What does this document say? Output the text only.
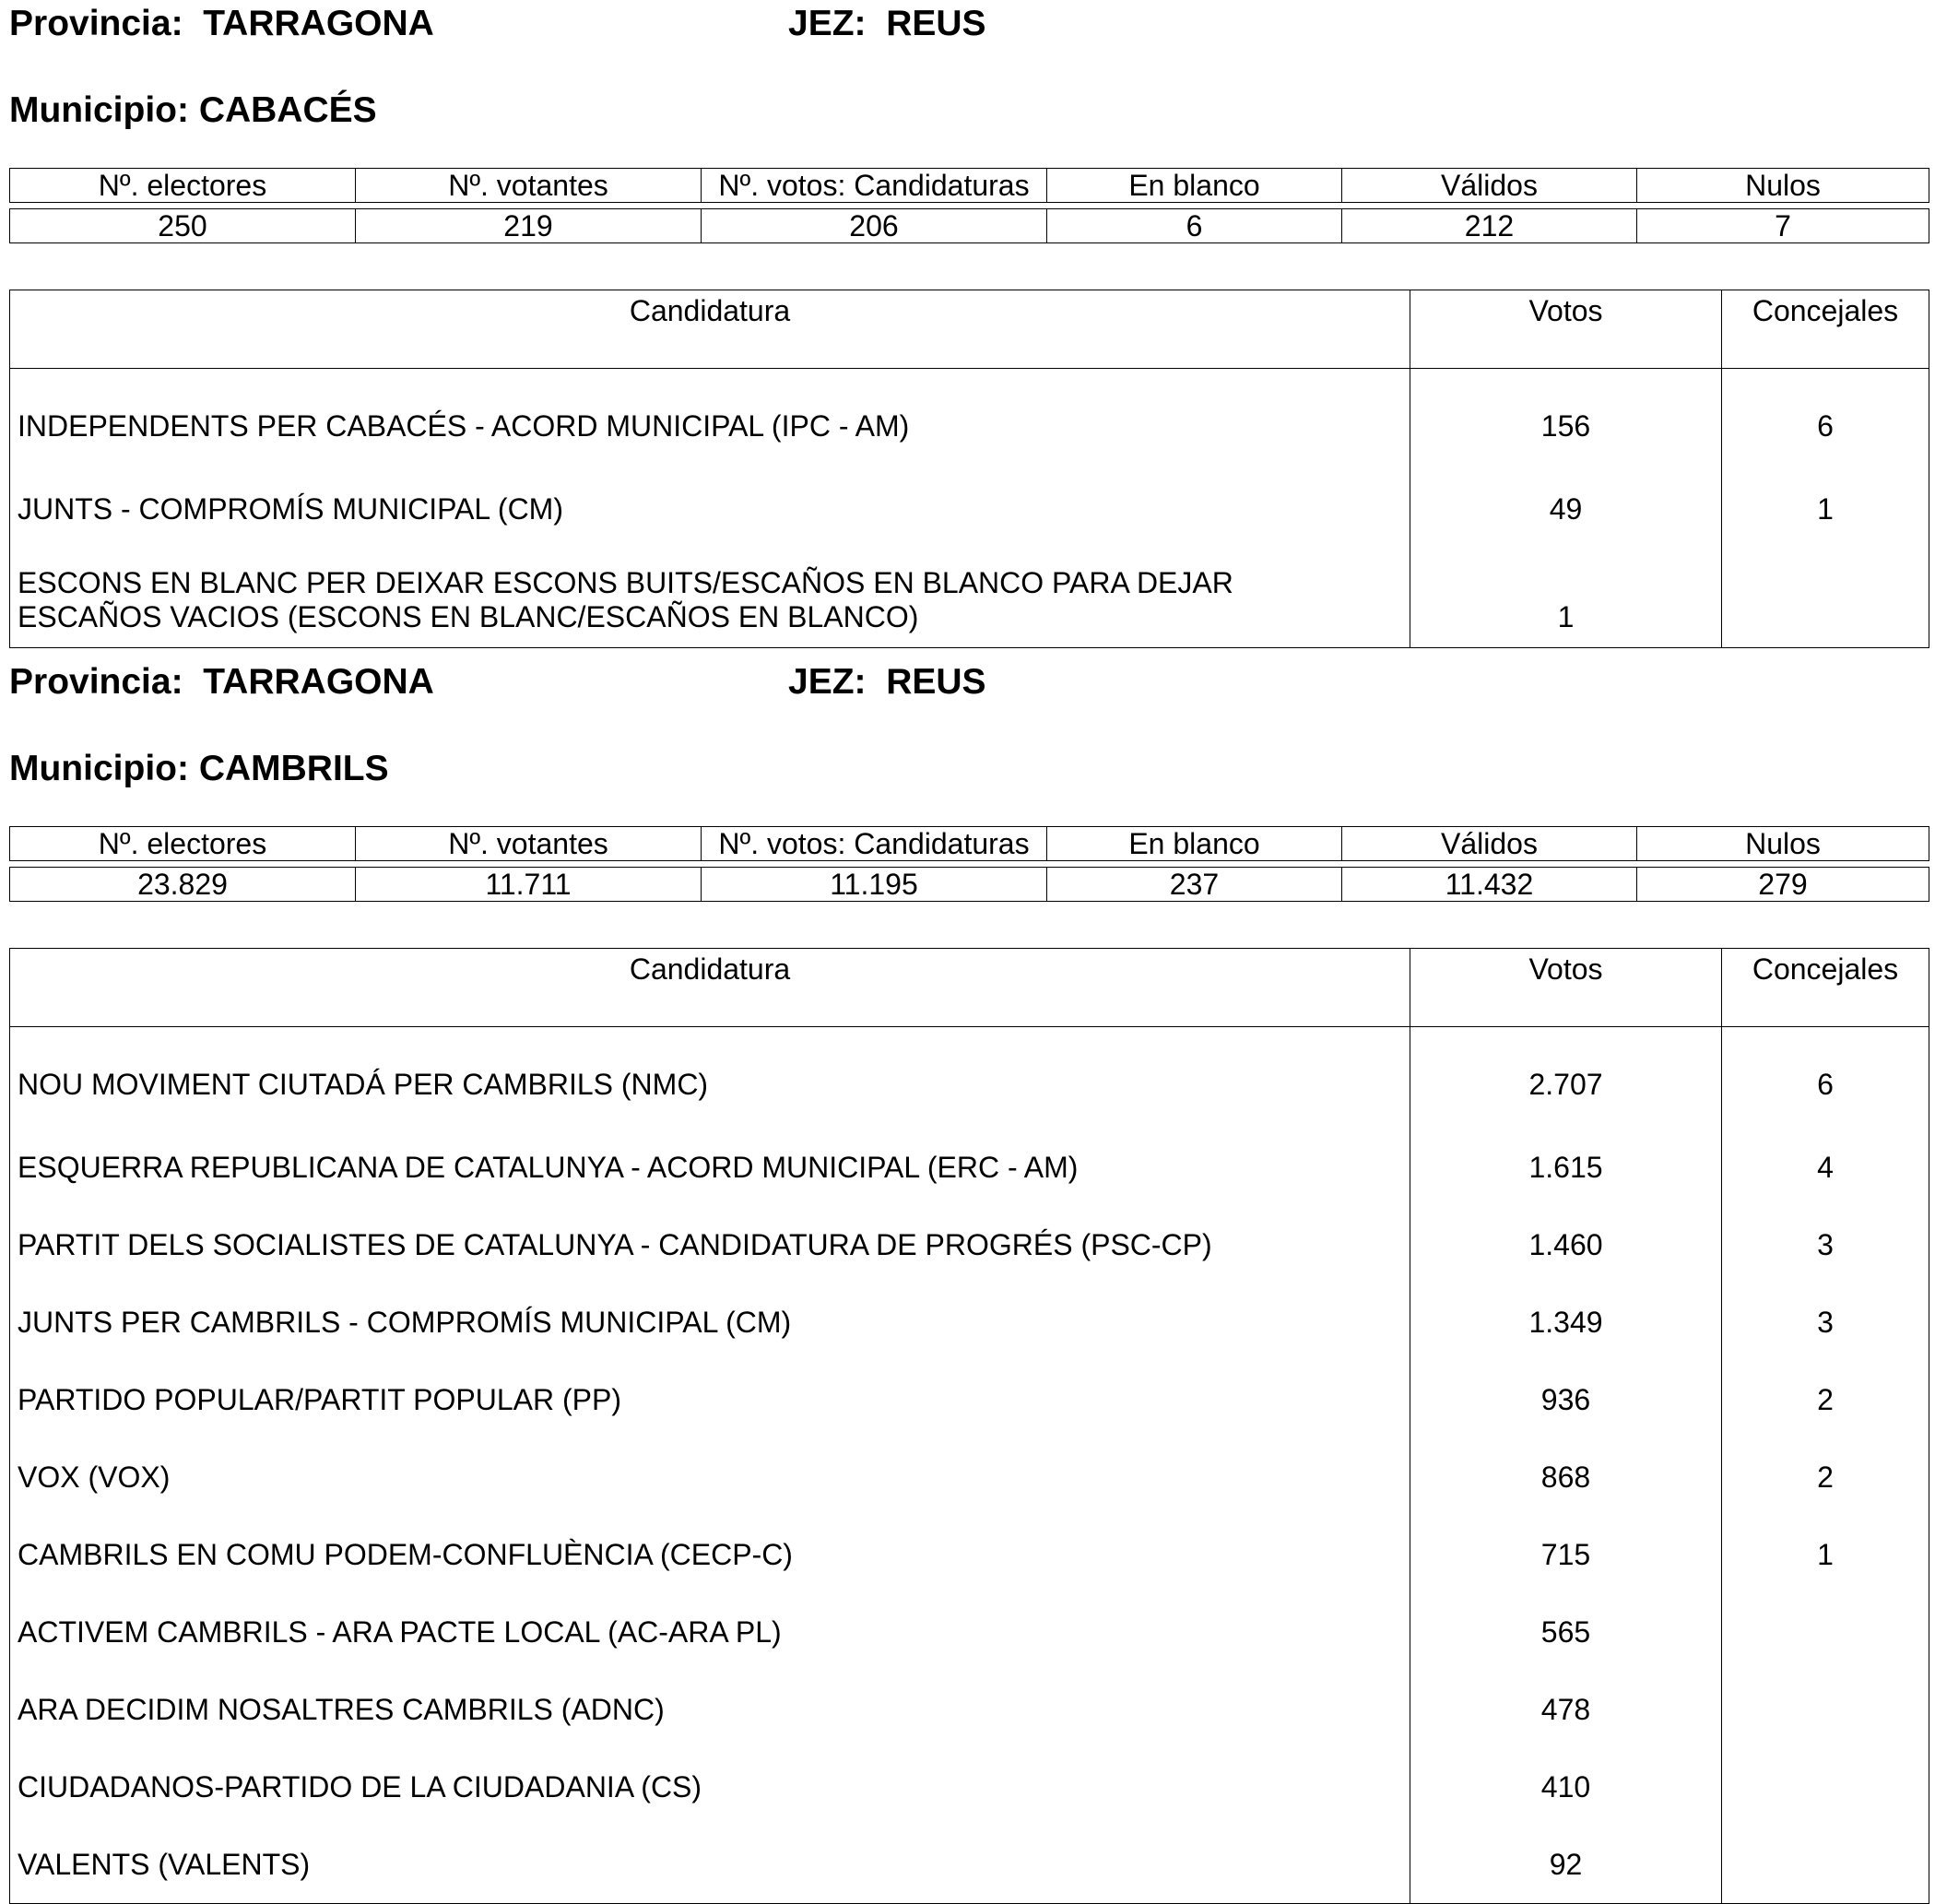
Provincia: TARRAGONA	JEZ: REUS
Municipio: CABACÉS
Nº. electores	Nº. votantes	Nº. votos: Candidaturas	En blanco	Válidos	Nulos
250	219	206	6	212	7
Candidatura	Votos	Concejales
INDEPENDENTS PER CABACÉS - ACORD MUNICIPAL (IPC - AM)	156	6
JUNTS - COMPROMÍS MUNICIPAL (CM)	49	1

ESCONS EN BLANC PER DEIXAR ESCONS BUITS/ESCAÑOS EN BLANCO PARA DEJAR
ESCAÑOS VACIOS (ESCONS EN BLANC/ESCAÑOS EN BLANCO)	1	
Provincia: TARRAGONA	JEZ: REUS
Municipio: CAMBRILS
Nº. electores	Nº. votantes	Nº. votos: Candidaturas	En blanco	Válidos	Nulos
23.829	11.711	11.195	237	11.432	279
Candidatura	Votos	Concejales
NOU MOVIMENT CIUTADÁ PER CAMBRILS (NMC)	2.707	6
ESQUERRA REPUBLICANA DE CATALUNYA - ACORD MUNICIPAL (ERC - AM)	1.615	4
PARTIT DELS SOCIALISTES DE CATALUNYA - CANDIDATURA DE PROGRÉS (PSC-CP)	1.460	3
JUNTS PER CAMBRILS - COMPROMÍS MUNICIPAL (CM)	1.349	3
PARTIDO POPULAR/PARTIT POPULAR (PP)	936	2
VOX (VOX)	868	2
CAMBRILS EN COMU PODEM-CONFLUÈNCIA (CECP-C)	715	1
ACTIVEM CAMBRILS - ARA PACTE LOCAL (AC-ARA PL)	565	
ARA DECIDIM NOSALTRES CAMBRILS (ADNC)	478	
CIUDADANOS-PARTIDO DE LA CIUDADANIA (CS)	410	
VALENTS (VALENTS)	92	
